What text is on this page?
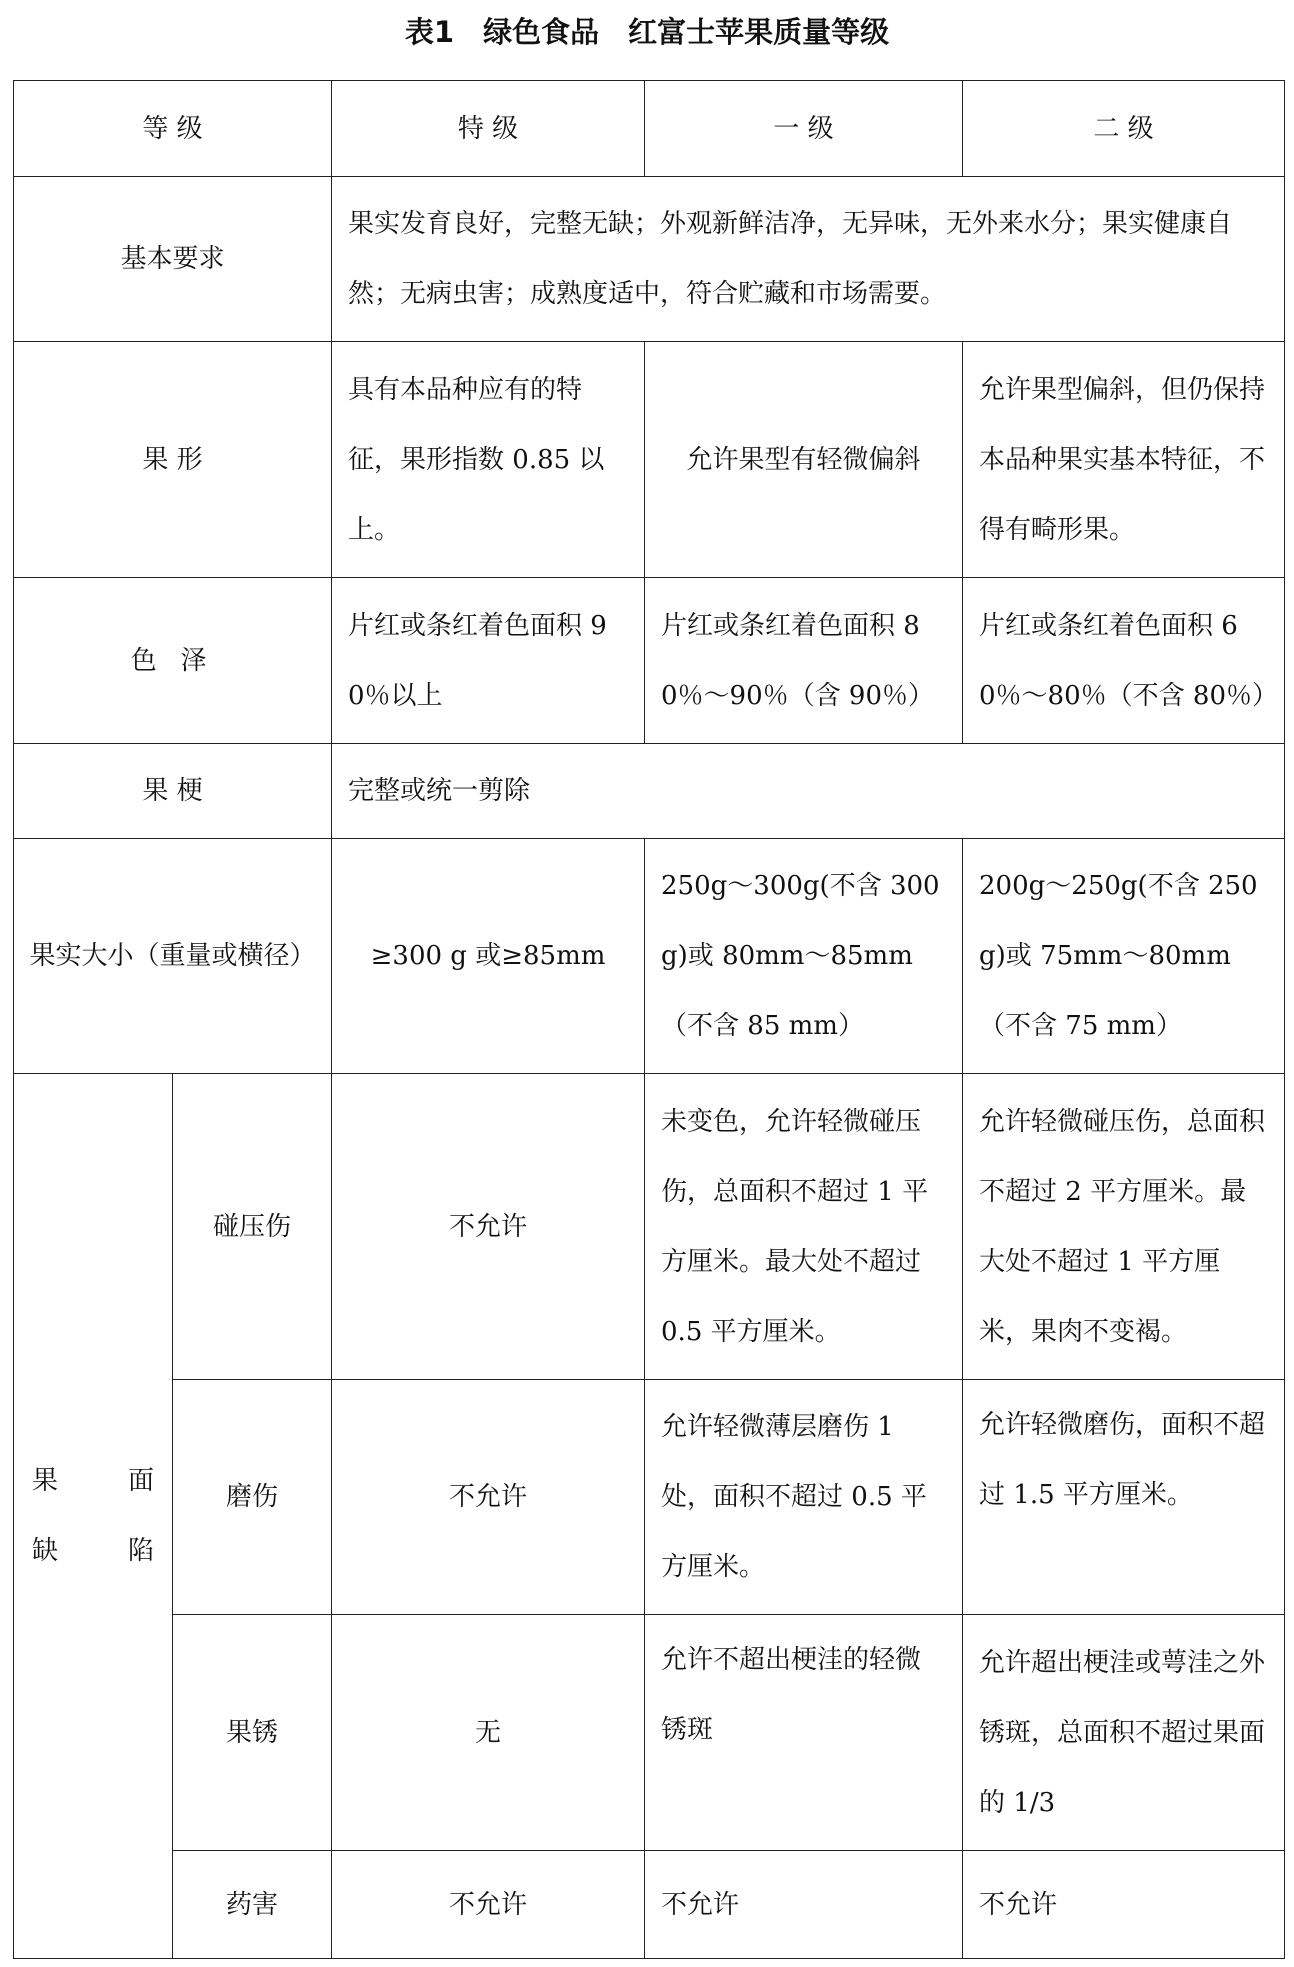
表1　绿色食品　红富士苹果质量等级
等 级		特 级	一 级	二 级
基本要求		果实发育良好，完整无缺；外观新鲜洁净，无异味，无外来水分；果实健康自然；无病虫害；成熟度适中，符合贮藏和市场需要。		
果 形		具有本品种应有的特征，果形指数 0.85 以上。	允许果型有轻微偏斜	允许果型偏斜，但仍保持本品种果实基本特征，不得有畸形果。
色 泽		片红或条红着色面积 90％以上	片红或条红着色面积 80％～90％（含 90％）	片红或条红着色面积 60％～80％（不含 80％）
果 梗		完整或统一剪除		
果实大小（重量或横径）		≥300 g 或≥85mm	250g～300g(不含 300g)或 80mm～85mm（不含 85 mm）	200g～250g(不含 250g)或 75mm～80mm（不含 75 mm）

果 面
缺 陷	碰压伤	不允许	未变色，允许轻微碰压伤，总面积不超过 1 平方厘米。最大处不超过 0.5 平方厘米。	允许轻微碰压伤，总面积不超过 2 平方厘米。最大处不超过 1 平方厘米，果肉不变褐。
	磨伤	不允许	允许轻微薄层磨伤 1 处，面积不超过 0.5 平方厘米。	允许轻微磨伤，面积不超过 1.5 平方厘米。
	果锈	无	允许不超出梗洼的轻微锈斑	允许超出梗洼或萼洼之外锈斑，总面积不超过果面的 1/3
	药害	不允许	不允许	不允许
